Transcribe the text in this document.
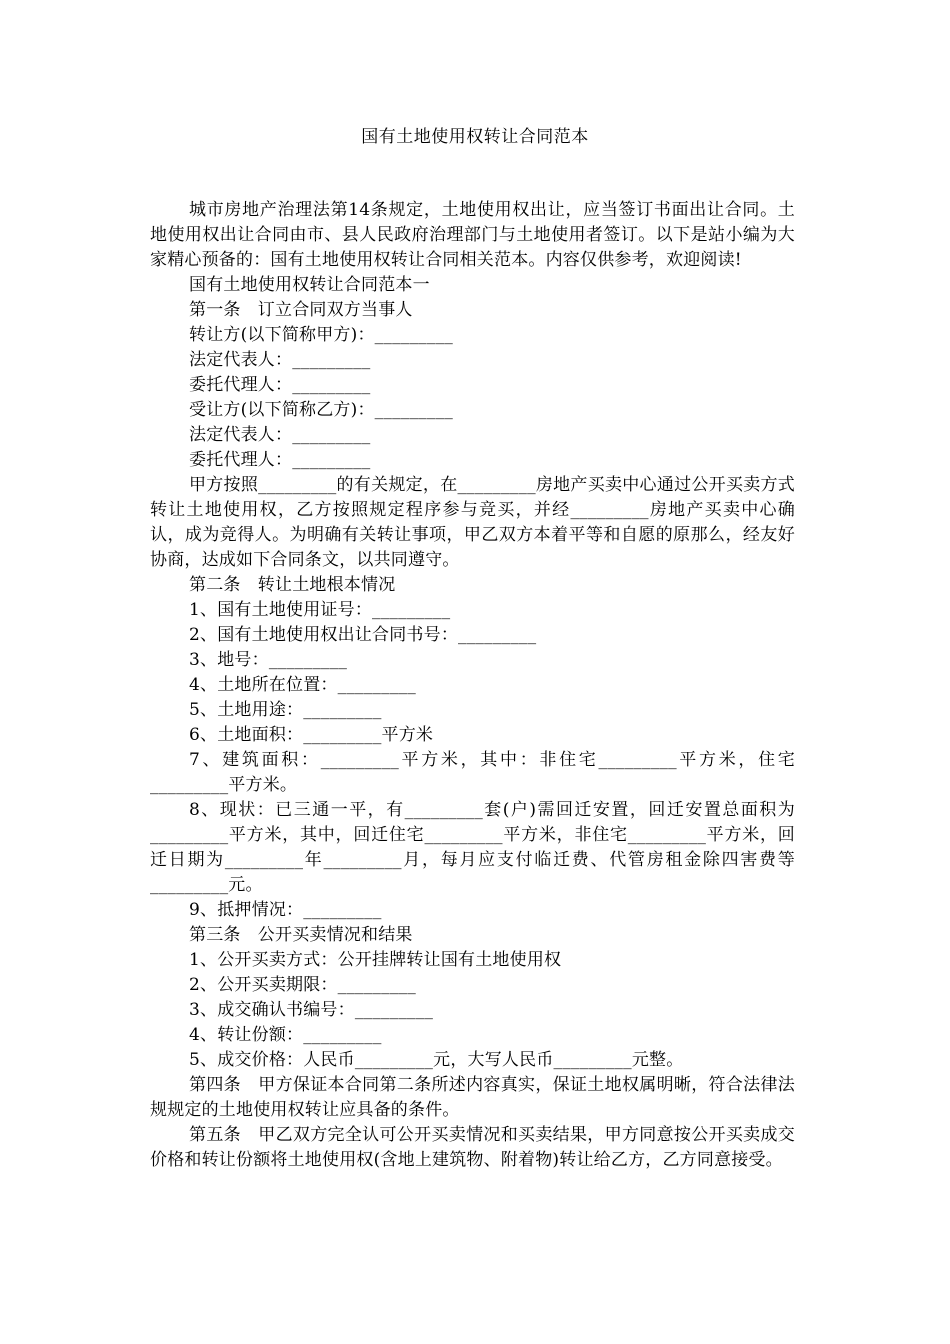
国有土地使用权转让合同范本

城市房地产治理法第14条规定，土地使用权出让，应当签订书面出让合同。土地使用权出让合同由市、县人民政府治理部门与土地使用者签订。以下是站小编为大家精心预备的：国有土地使用权转让合同相关范本。内容仅供参考，欢迎阅读!

国有土地使用权转让合同范本一

第一条　订立合同双方当事人

转让方(以下简称甲方)：_________

法定代表人：_________

委托代理人：_________

受让方(以下简称乙方)：_________

法定代表人：_________

委托代理人：_________

甲方按照_________的有关规定，在_________房地产买卖中心通过公开买卖方式转让土地使用权，乙方按照规定程序参与竞买，并经_________房地产买卖中心确认，成为竞得人。为明确有关转让事项，甲乙双方本着平等和自愿的原那么，经友好协商，达成如下合同条文，以共同遵守。

第二条　转让土地根本情况

1、国有土地使用证号：_________

2、国有土地使用权出让合同书号：_________

3、地号：_________

4、土地所在位置：_________

5、土地用途：_________

6、土地面积：_________平方米

7、建筑面积：_________平方米，其中：非住宅_________平方米，住宅_________平方米。

8、现状：已三通一平，有_________套(户)需回迁安置，回迁安置总面积为_________平方米，其中，回迁住宅_________平方米，非住宅_________平方米，回迁日期为_________年_________月，每月应支付临迁费、代管房租金除四害费等_________元。

9、抵押情况：_________

第三条　公开买卖情况和结果

1、公开买卖方式：公开挂牌转让国有土地使用权

2、公开买卖期限：_________

3、成交确认书编号：_________

4、转让份额：_________

5、成交价格：人民币_________元，大写人民币_________元整。

第四条　甲方保证本合同第二条所述内容真实，保证土地权属明晰，符合法律法规规定的土地使用权转让应具备的条件。

第五条　甲乙双方完全认可公开买卖情况和买卖结果，甲方同意按公开买卖成交价格和转让份额将土地使用权(含地上建筑物、附着物)转让给乙方，乙方同意接受。
